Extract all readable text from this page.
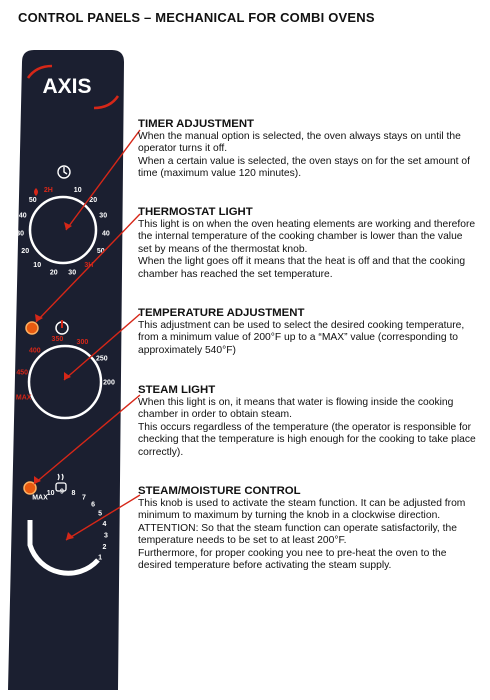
CONTROL PANELS – MECHANICAL FOR COMBI OVENS
AXIS
10
20
30
40
50
3H
30
20
10
20
30
40
50
2H
MAX
450
400
350 300
250
200
MAX
10 9 8
7
6
5
4
3
2
1
TIMER ADJUSTMENT

When the manual option is selected, the oven always stays on until the operator turns it off.

When a certain value is selected, the oven stays on for the set amount of time (maximum value 120 minutes).

THERMOSTAT LIGHT

This light is on when the oven heating elements are working and therefore the internal temperature of the cooking chamber is lower than the value set by means of the thermostat knob.

When the light goes off it means that the heat is off and that the cooking chamber has reached the set temperature.

TEMPERATURE ADJUSTMENT

This adjustment can be used to select the desired cooking temperature, from a minimum value of 200°F up to a “MAX” value (corresponding to approximately 540°F)

STEAM LIGHT

When this light is on, it means that water is flowing inside the cooking chamber in order to obtain steam.

This occurs regardless of the temperature (the operator is responsible for checking that the temperature is high enough for the cooking to take place correctly).

STEAM/MOISTURE CONTROL

This knob is used to activate the steam function. It can be adjusted from minimum to maximum by turning the knob in a clockwise direction.

ATTENTION: So that the steam function can operate satisfactorily, the temperature needs to be set to at least 200°F.

Furthermore, for proper cooking you nee to pre-heat the oven to the desired temperature before activating the steam supply.
